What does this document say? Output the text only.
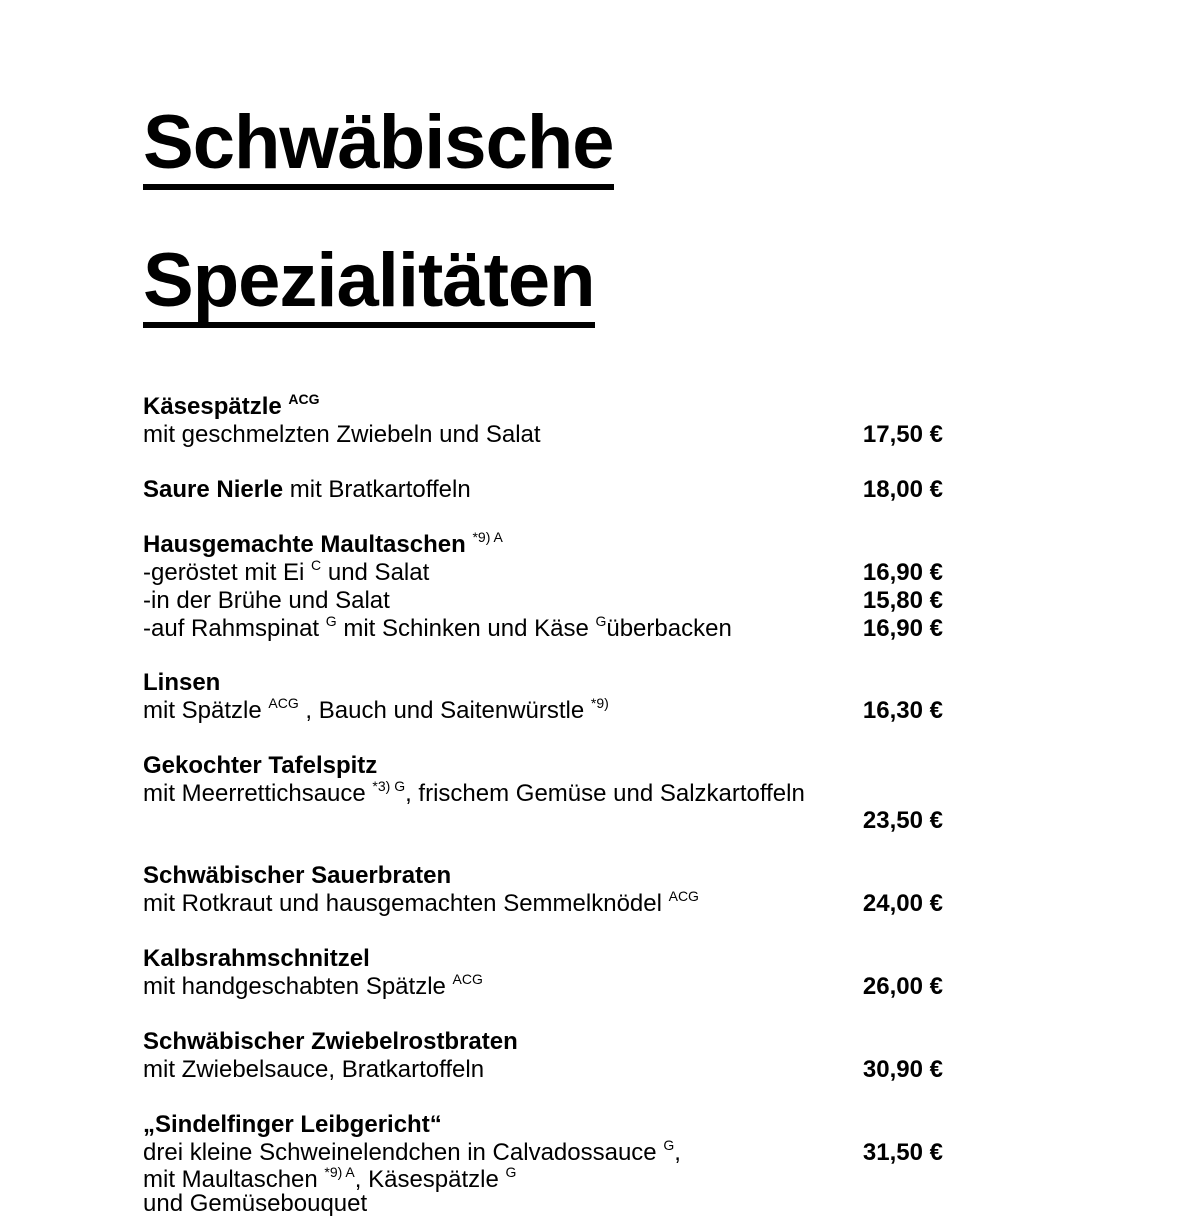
Schwäbische
Spezialitäten
Käsespätzle $^{ACG}$
mit geschmelzten Zwiebeln und Salat	17,50 €
Saure Nierle mit Bratkartoffeln	18,00 €
Hausgemachte Maultaschen $^{*9) A}$
-geröstet mit Ei $^C$ und Salat	16,90 €
-in der Brühe und Salat	15,80 €
-auf Rahmspinat $^G$ mit Schinken und Käse $^G$überbacken	16,90 €
Linsen
mit Spätzle $^{ACG}$ , Bauch und Saitenwürstle $^{*9)}$	16,30 €
Gekochter Tafelspitz
mit Meerrettichsauce $^{*3) G}$, frischem Gemüse und Salzkartoffeln
23,50 €
Schwäbischer Sauerbraten
mit Rotkraut und hausgemachten Semmelknödel $^{ACG}$	24,00 €
Kalbsrahmschnitzel
mit handgeschabten Spätzle $^{ACG}$	26,00 €
Schwäbischer Zwiebelrostbraten
mit Zwiebelsauce, Bratkartoffeln	30,90 €
„Sindelfinger Leibgericht“
drei kleine Schweinelendchen in Calvadossauce $^G$,	31,50 €
mit Maultaschen $^{*9) A}$, Käsespätzle $^G$
und Gemüsebouquet
